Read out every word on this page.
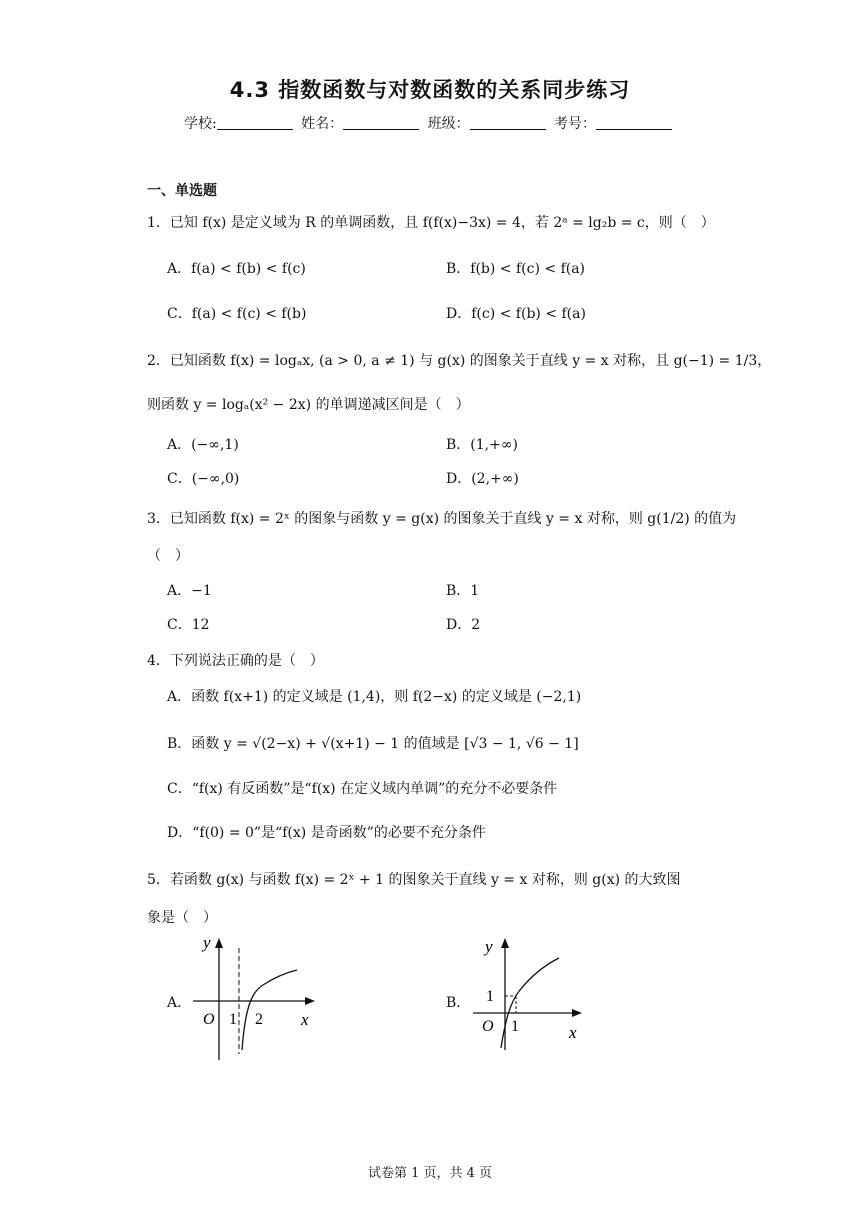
4.3 指数函数与对数函数的关系同步练习
学校:	姓名：	班级：	考号：
一、单选题
1．已知 f(x) 是定义域为 R 的单调函数，且 f(f(x)−3x) = 4，若 2ᵃ = lg₂b = c，则（　）
A．f(a) < f(b) < f(c)	B．f(b) < f(c) < f(a)
C．f(a) < f(c) < f(b)	D．f(c) < f(b) < f(a)
2．已知函数 f(x) = logₐx, (a > 0, a ≠ 1) 与 g(x) 的图象关于直线 y = x 对称，且 g(−1) = 1/3，
则函数 y = logₐ(x² − 2x) 的单调递减区间是（　）
A．(−∞,1)	B．(1,+∞)
C．(−∞,0)	D．(2,+∞)
3．已知函数 f(x) = 2ˣ 的图象与函数 y = g(x) 的图象关于直线 y = x 对称，则 g(1/2) 的值为
（　）
A．−1	B．1
C．12	D．2
4．下列说法正确的是（　）
A．函数 f(x+1) 的定义域是 (1,4)，则 f(2−x) 的定义域是 (−2,1)
B．函数 y = √(2−x) + √(x+1) − 1 的值域是 [√3 − 1, √6 − 1]
C．“f(x) 有反函数”是“f(x) 在定义域内单调”的充分不必要条件
D．“f(0) = 0”是“f(x) 是奇函数”的必要不充分条件
5．若函数 g(x) 与函数 f(x) = 2ˣ + 1 的图象关于直线 y = x 对称，则 g(x) 的大致图
象是（　）
A．
y
x
O 1 2
B．
y
x
O 1
1
试卷第 1 页，共 4 页
